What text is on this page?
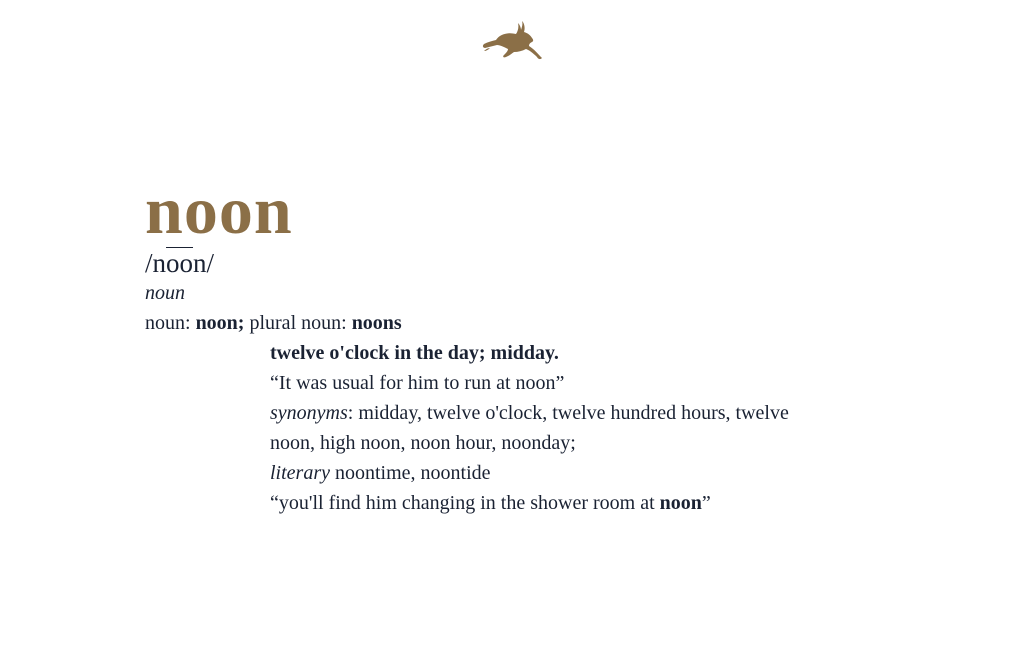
noon
$/n\overline{oo}n/$
noun
noun: noon; plural noun: noons
twelve o'clock in the day; midday.
“It was usual for him to run at noon”
synonyms: midday, twelve o'clock, twelve hundred hours, twelve
noon, high noon, noon hour, noonday;
literary noontime, noontide
“you'll find him changing in the shower room at noon”
